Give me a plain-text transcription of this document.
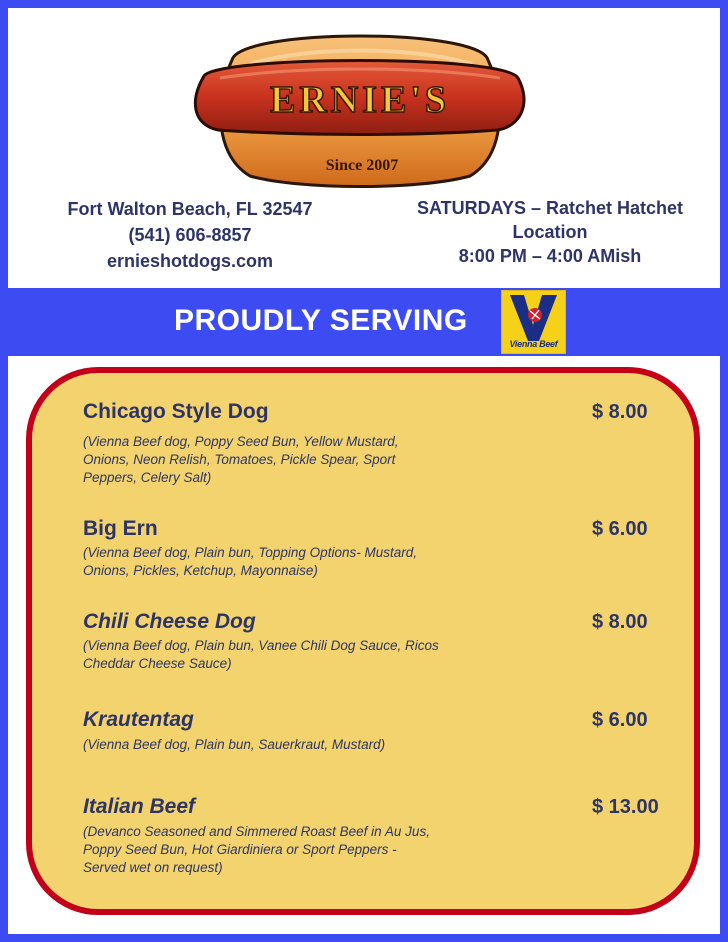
ERNIE'S
Since 2007
Fort Walton Beach, FL 32547
(541) 606-8857
ernieshotdogs.com
SATURDAYS – Ratchet Hatchet
Location
8:00 PM – 4:00 AMish
PROUDLY SERVING
Vienna Beef
Chicago Style Dog	$ 8.00
(Vienna Beef dog, Poppy Seed Bun, Yellow Mustard, Onions, Neon Relish, Tomatoes, Pickle Spear, Sport Peppers, Celery Salt)
Big Ern	$ 6.00
(Vienna Beef dog, Plain bun, Topping Options- Mustard, Onions, Pickles, Ketchup, Mayonnaise)
Chili Cheese Dog	$ 8.00
(Vienna Beef dog, Plain bun, Vanee Chili Dog Sauce, Ricos Cheddar Cheese Sauce)
Krautentag	$ 6.00
(Vienna Beef dog, Plain bun, Sauerkraut, Mustard)
Italian Beef	$ 13.00
(Devanco Seasoned and Simmered Roast Beef in Au Jus, Poppy Seed Bun, Hot Giardiniera or Sport Peppers - Served wet on request)
